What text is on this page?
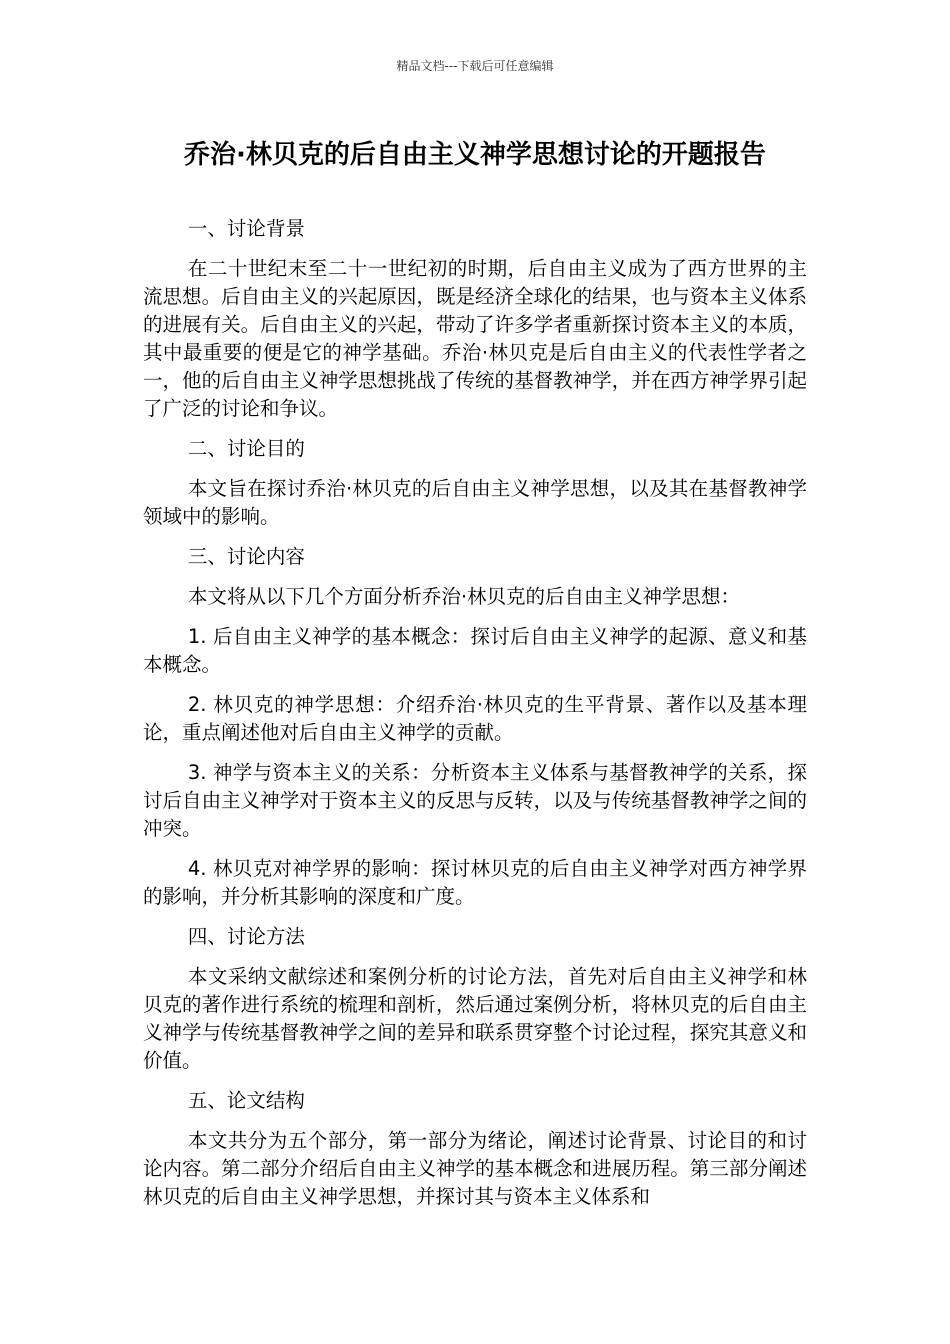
精品文档---下载后可任意编辑
乔治·林贝克的后自由主义神学思想讨论的开题报告

一、讨论背景

在二十世纪末至二十一世纪初的时期，后自由主义成为了西方世界的主流思想。后自由主义的兴起原因，既是经济全球化的结果，也与资本主义体系的进展有关。后自由主义的兴起，带动了许多学者重新探讨资本主义的本质，其中最重要的便是它的神学基础。乔治·林贝克是后自由主义的代表性学者之一，他的后自由主义神学思想挑战了传统的基督教神学，并在西方神学界引起了广泛的讨论和争议。

二、讨论目的

本文旨在探讨乔治·林贝克的后自由主义神学思想，以及其在基督教神学领域中的影响。

三、讨论内容

本文将从以下几个方面分析乔治·林贝克的后自由主义神学思想：

1. 后自由主义神学的基本概念：探讨后自由主义神学的起源、意义和基本概念。

2. 林贝克的神学思想：介绍乔治·林贝克的生平背景、著作以及基本理论，重点阐述他对后自由主义神学的贡献。

3. 神学与资本主义的关系：分析资本主义体系与基督教神学的关系，探讨后自由主义神学对于资本主义的反思与反转，以及与传统基督教神学之间的冲突。

4. 林贝克对神学界的影响：探讨林贝克的后自由主义神学对西方神学界的影响，并分析其影响的深度和广度。

四、讨论方法

本文采纳文献综述和案例分析的讨论方法，首先对后自由主义神学和林贝克的著作进行系统的梳理和剖析，然后通过案例分析，将林贝克的后自由主义神学与传统基督教神学之间的差异和联系贯穿整个讨论过程，探究其意义和价值。

五、论文结构

本文共分为五个部分，第一部分为绪论，阐述讨论背景、讨论目的和讨论内容。第二部分介绍后自由主义神学的基本概念和进展历程。第三部分阐述林贝克的后自由主义神学思想，并探讨其与资本主义体系和
